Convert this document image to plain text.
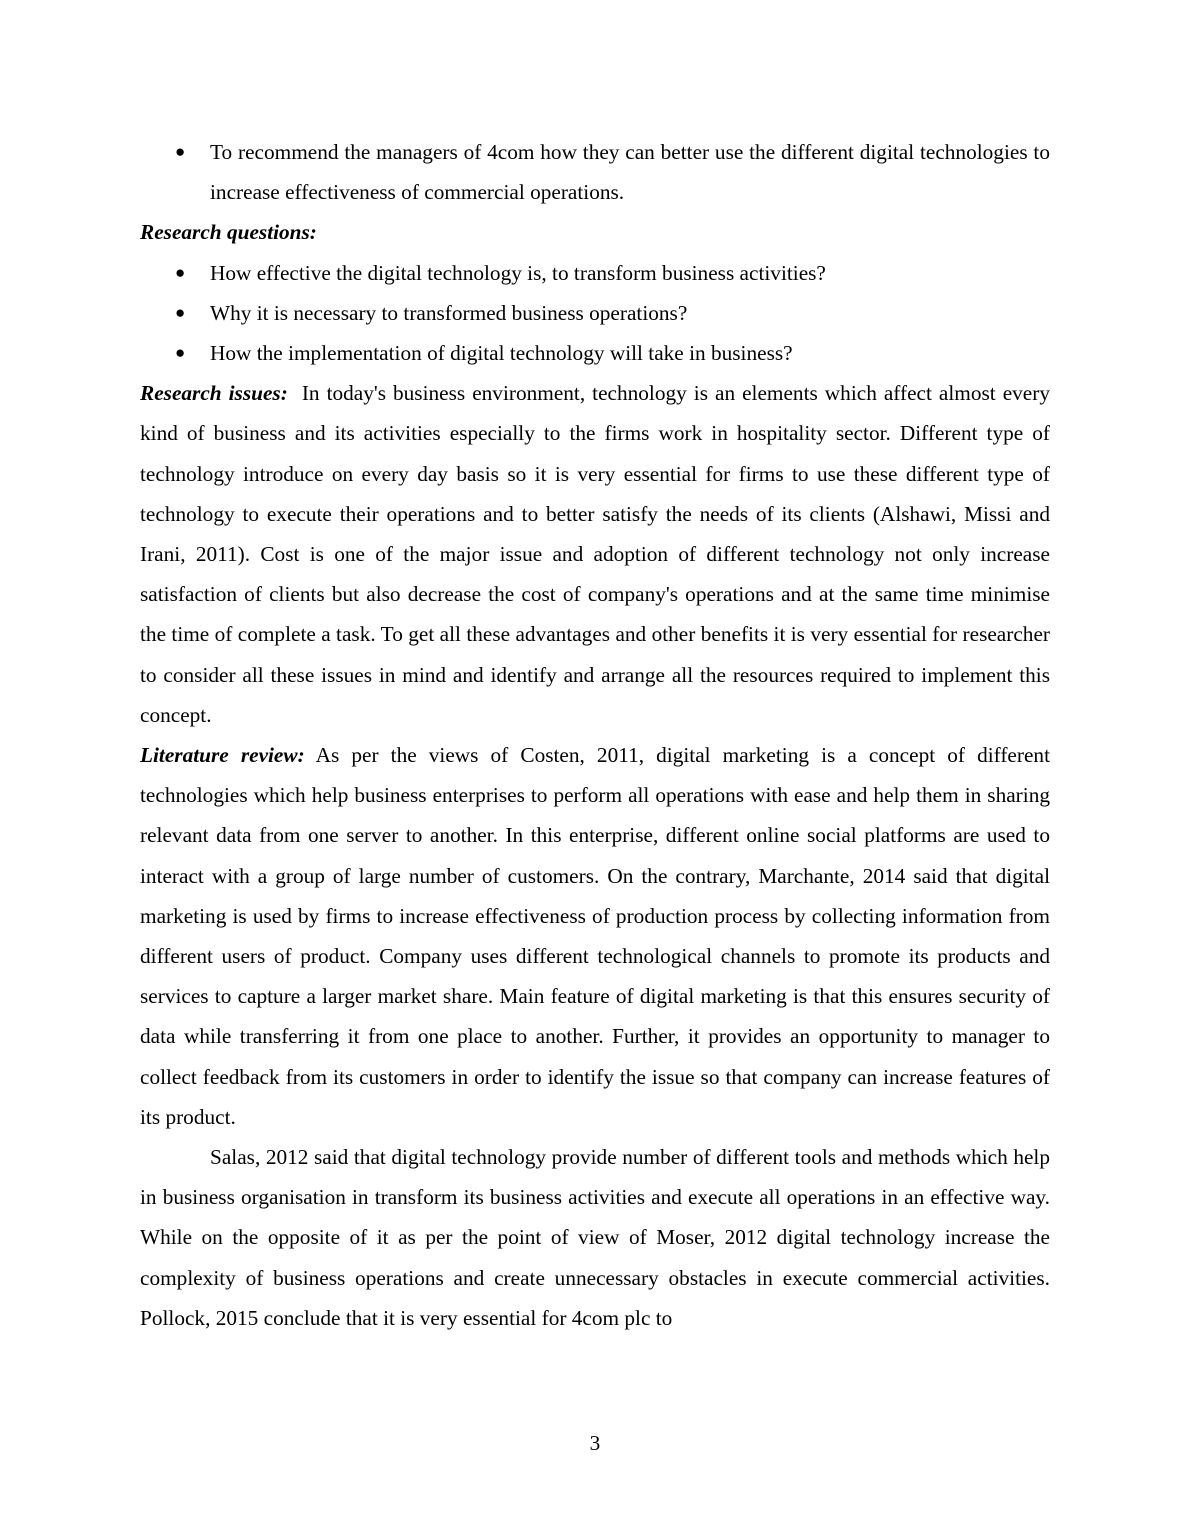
● To recommend the managers of 4com how they can better use the different digital technologies to increase effectiveness of commercial operations.
Research questions:
● How effective the digital technology is, to transform business activities?
● Why it is necessary to transformed business operations?
● How the implementation of digital technology will take in business?
Research issues: In today's business environment, technology is an elements which affect almost every kind of business and its activities especially to the firms work in hospitality sector. Different type of technology introduce on every day basis so it is very essential for firms to use these different type of technology to execute their operations and to better satisfy the needs of its clients (Alshawi, Missi and Irani, 2011). Cost is one of the major issue and adoption of different technology not only increase satisfaction of clients but also decrease the cost of company's operations and at the same time minimise the time of complete a task. To get all these advantages and other benefits it is very essential for researcher to consider all these issues in mind and identify and arrange all the resources required to implement this concept.
Literature review: As per the views of Costen, 2011, digital marketing is a concept of different technologies which help business enterprises to perform all operations with ease and help them in sharing relevant data from one server to another. In this enterprise, different online social platforms are used to interact with a group of large number of customers. On the contrary, Marchante, 2014 said that digital marketing is used by firms to increase effectiveness of production process by collecting information from different users of product. Company uses different technological channels to promote its products and services to capture a larger market share. Main feature of digital marketing is that this ensures security of data while transferring it from one place to another. Further, it provides an opportunity to manager to collect feedback from its customers in order to identify the issue so that company can increase features of its product.
Salas, 2012 said that digital technology provide number of different tools and methods which help in business organisation in transform its business activities and execute all operations in an effective way. While on the opposite of it as per the point of view of Moser, 2012 digital technology increase the complexity of business operations and create unnecessary obstacles in execute commercial activities. Pollock, 2015 conclude that it is very essential for 4com plc to
3
